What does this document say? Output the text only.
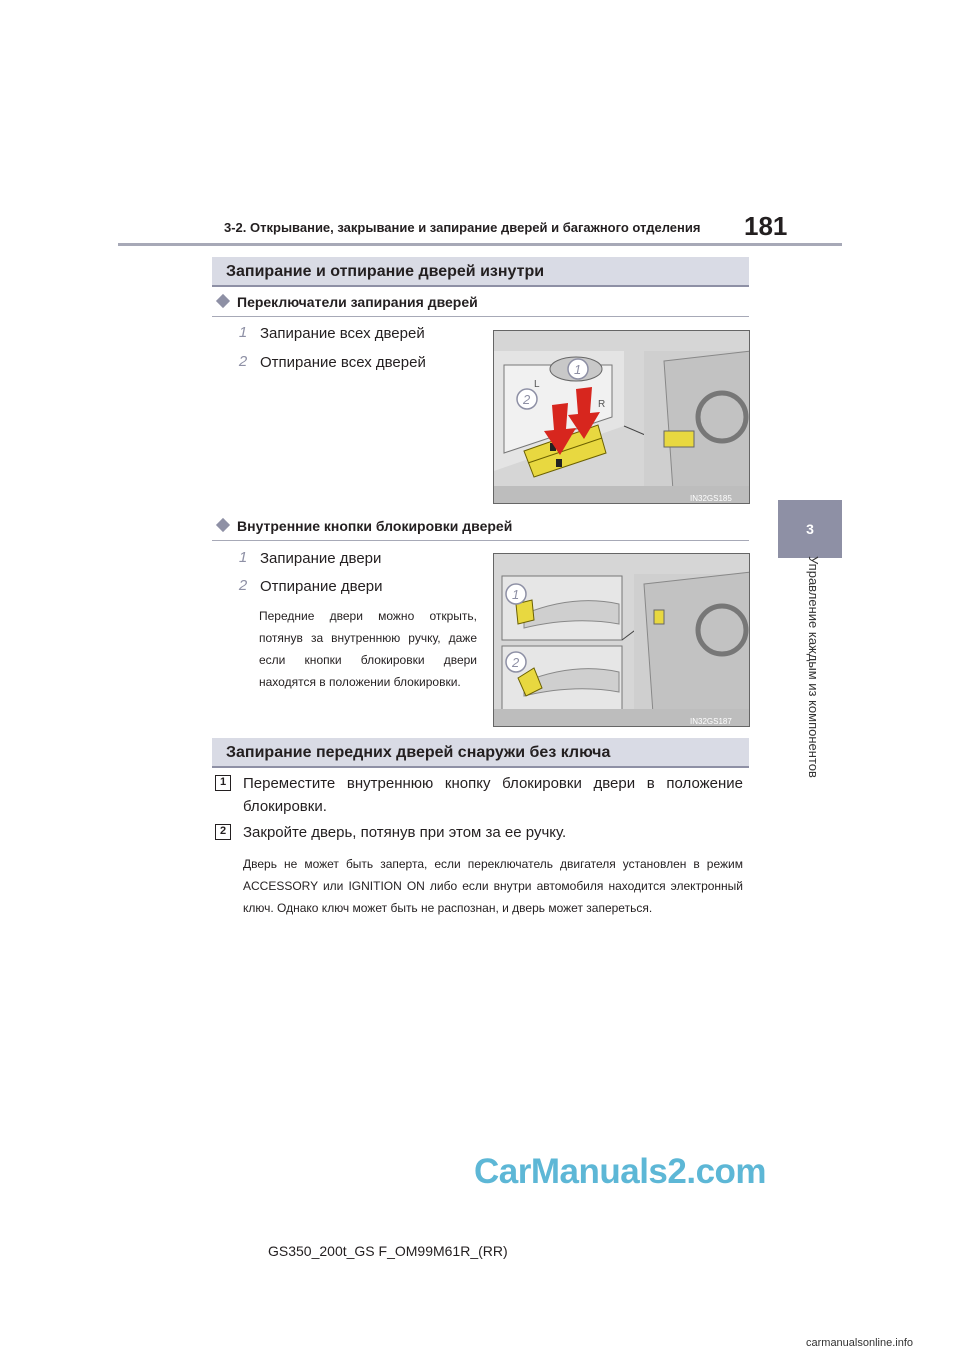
3-2. Открывание, закрывание и запирание дверей и багажного отделения 181
3
Управление каждым из компонентов
Запирание и отпирание дверей изнутри
Переключатели запирания дверей
1 Запирание всех дверей
2 Отпирание всех дверей
L
R
1
2
IN32GS185
Внутренние кнопки блокировки дверей
1 Запирание двери
2 Отпирание двери
Передние двери можно открыть, потянув за внутреннюю ручку, даже если кнопки блокировки двери находятся в положении блокировки.
1
2
IN32GS187
Запирание передних дверей снаружи без ключа
1	Переместите внутреннюю кнопку блокировки двери в положение блокировки.
2	Закройте дверь, потянув при этом за ее ручку.
Дверь не может быть заперта, если переключатель двигателя установлен в режим ACCESSORY или IGNITION ON либо если внутри автомобиля находится электронный ключ. Однако ключ может быть не распознан, и дверь может запереться.
GS350_200t_GS F_OM99M61R_(RR)
CarManuals2.com
carmanualsonline.info
